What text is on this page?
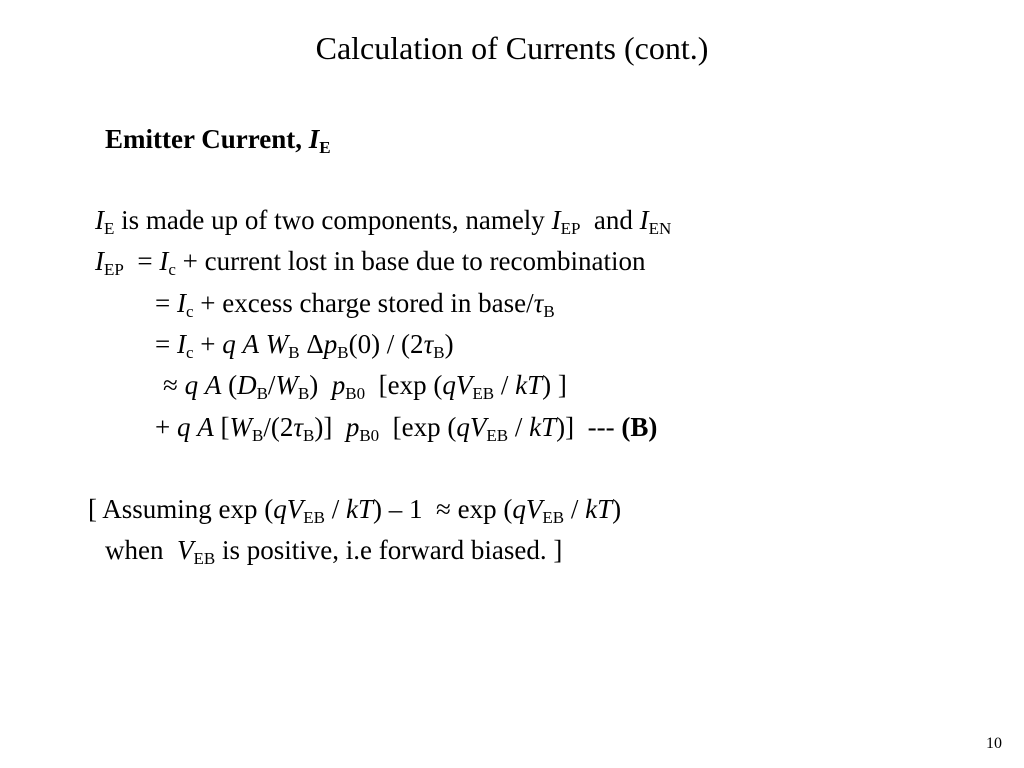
Calculation of Currents (cont.)
Emitter Current, $I_E$
$I_E$ is made up of two components, namely $I_{EP}$  and $I_{EN}$
$I_{EP} = I_c$ + current lost in base due to recombination
= $I_c$ + excess charge stored in base/$\tau_B$
= $I_c + q$ A $W_B$ $\Delta p_B(0) / (2\tau_B)$
≈ q A $(D_B/W_B)$  $p_{B0}$  [exp $(qV_{EB} / kT)$ ]
+ q A $[W_B/(2\tau_B)]$  $p_{B0}$  [exp $(qV_{EB} / kT)$]  --- (B)
[ Assuming $\exp (qV_{EB} / kT) - 1 \approx \exp (qV_{EB} / kT)$
when  $V_{EB}$ is positive, i.e forward biased. ]
10
